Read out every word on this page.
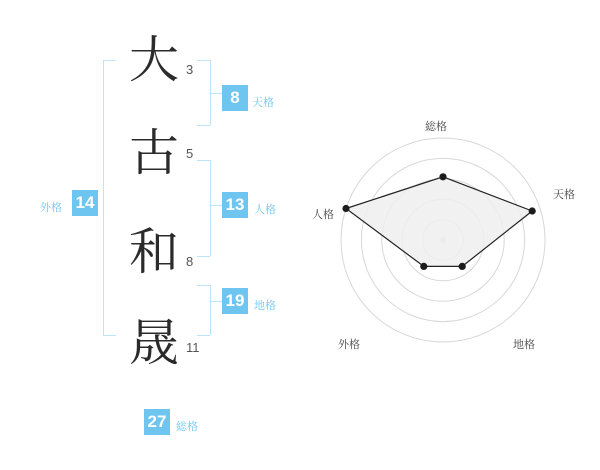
大 3
古 5
和 8
晟 11
外格 14
8	天格
13 人格
19 地格
27 総格
総格
天格
地格
外格
人格
